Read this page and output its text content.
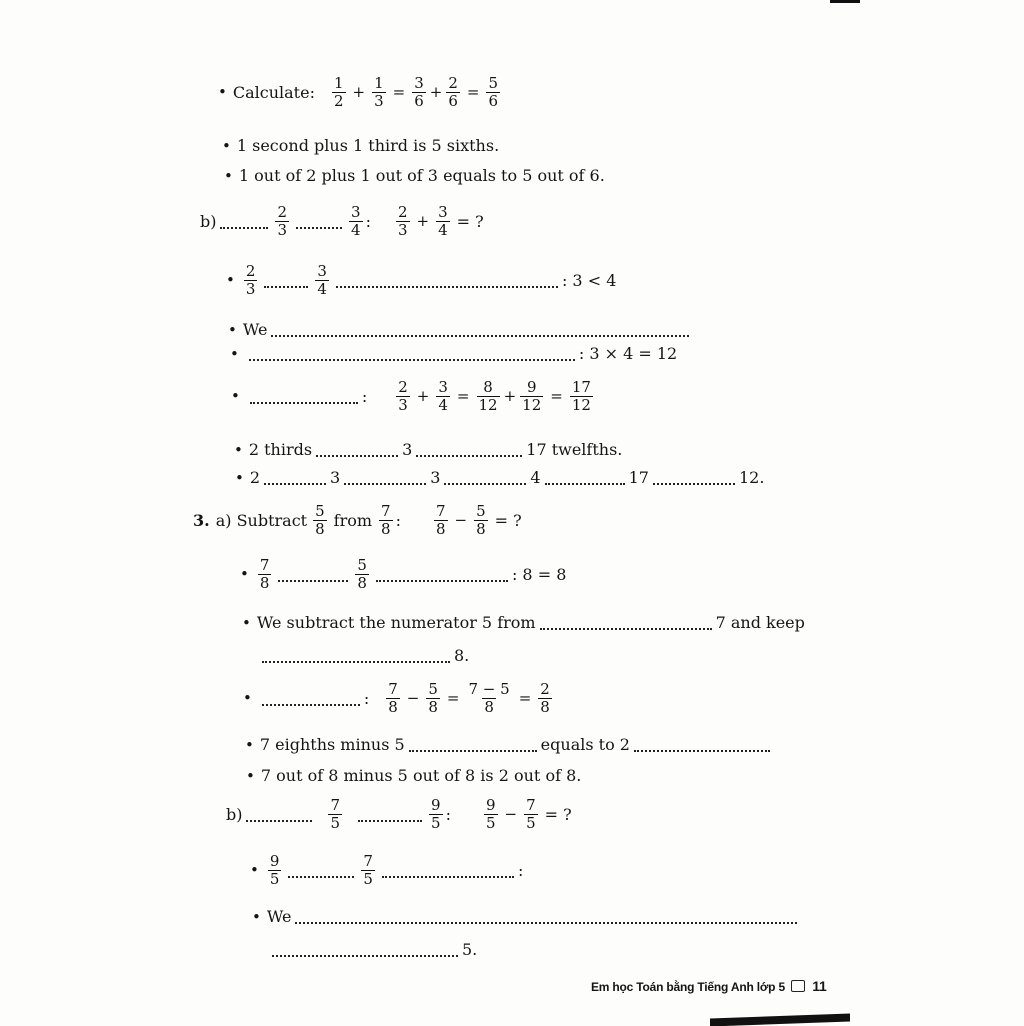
• Calculate: $\frac{1}{2} + \frac{1}{3} = \frac{3}{6} + \frac{2}{6} = \frac{5}{6}$
• 1 second plus 1 third is 5 sixths.
• 1 out of 2 plus 1 out of 3 equals to 5 out of 6.
b)	$\frac{2}{3}$	$\frac{3}{4}$ : $\frac{2}{3} + \frac{3}{4}$ = ?
• $\frac{2}{3}$	$\frac{3}{4}$	: 3 < 4
• We
•	: 3 × 4 = 12
•	: $\frac{2}{3} + \frac{3}{4} = \frac{8}{12} + \frac{9}{12} = \frac{17}{12}$
• 2 thirds	3	17 twelfths.
• 2	3	3	4	17	12.
3. a) Subtract $\frac{5}{8}$ from $\frac{7}{8}$ : $\frac{7}{8} - \frac{5}{8}$ = ?
• $\frac{7}{8}$	$\frac{5}{8}$	: 8 = 8
• We subtract the numerator 5 from	7 and keep
8.
•	: $\frac{7}{8} - \frac{5}{8} = \frac{7 - 5}{8} = \frac{2}{8}$
• 7 eighths minus 5	equals to 2
• 7 out of 8 minus 5 out of 8 is 2 out of 8.
b)	$\frac{7}{5}$	$\frac{9}{5}$ : $\frac{9}{5} - \frac{7}{5}$ = ?
• $\frac{9}{5}$	$\frac{7}{5}$	:
• We
5.
Em học Toán bằng Tiếng Anh lớp 5 11
